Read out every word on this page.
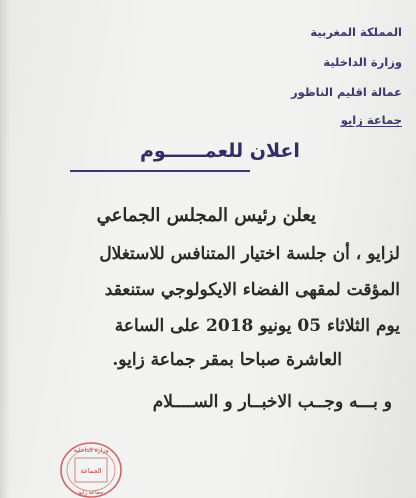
المملكة المغربية
وزارة الداخلية
عمالة اقليم الناظور
جماعة زايو
اعلان للعمــــــوم
يعلن رئيس المجلس الجماعي
لزايو ، أن جلسة اختيار المتنافس للاستغلال
المؤقت لمقهى الفضاء الايكولوجي ستنعقد
يوم الثلاثاء 05 يونيو 2018 على الساعة
العاشرة صباحا بمقر جماعة زايو.
و بـــه وجــب الاخبــار و الســــلام
وزارة الداخلية
الجماعة
جماعة زايو
